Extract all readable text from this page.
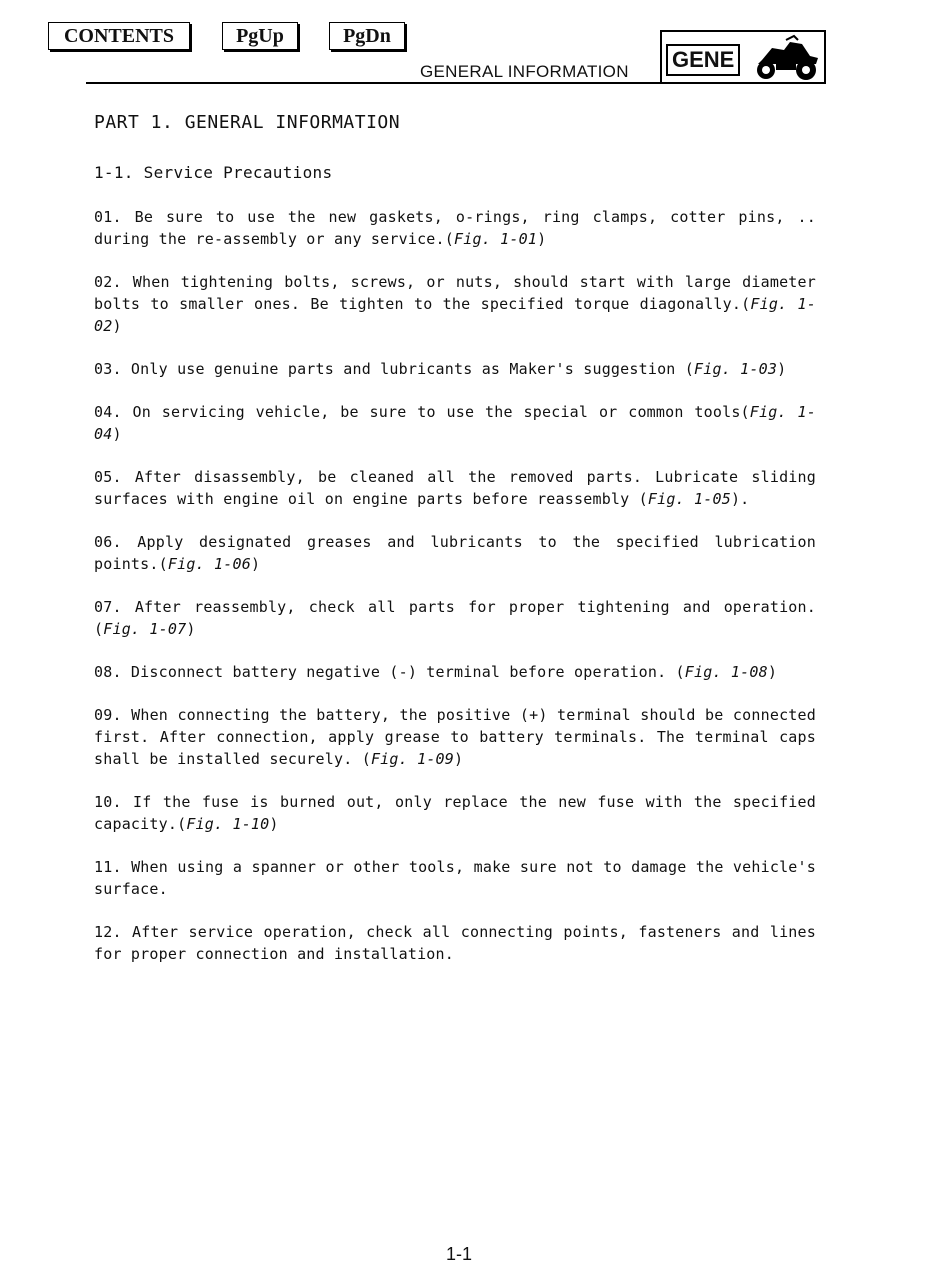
CONTENTS	PgUp	PgDn
GENERAL INFORMATION GENE

PART 1. GENERAL INFORMATION

1-1. Service Precautions

01. Be sure to use the new gaskets, o-rings, ring clamps, cotter pins, .. during the re-assembly or any service.(Fig. 1-01)

02. When tightening bolts, screws, or nuts, should start with large diameter bolts to smaller ones. Be tighten to the specified torque diagonally.(Fig. 1-02)

03. Only use genuine parts and lubricants as Maker's suggestion (Fig. 1-03)

04. On servicing vehicle, be sure to use the special or common tools(Fig. 1-04)

05. After disassembly, be cleaned all the removed parts. Lubricate sliding surfaces with engine oil on engine parts before reassembly (Fig. 1-05).

06. Apply designated greases and lubricants to the specified lubrication points.(Fig. 1-06)

07. After reassembly, check all parts for proper tightening and operation.(Fig. 1-07)

08. Disconnect battery negative (-) terminal before operation. (Fig. 1-08)

09. When connecting the battery, the positive (+) terminal should be connected first. After connection, apply grease to battery terminals. The terminal caps shall be installed securely. (Fig. 1-09)

10. If the fuse is burned out, only replace the new fuse with the specified capacity.(Fig. 1-10)

11. When using a spanner or other tools, make sure not to damage the vehicle's surface.

12. After service operation, check all connecting points, fasteners and lines for proper connection and installation.

1-1
